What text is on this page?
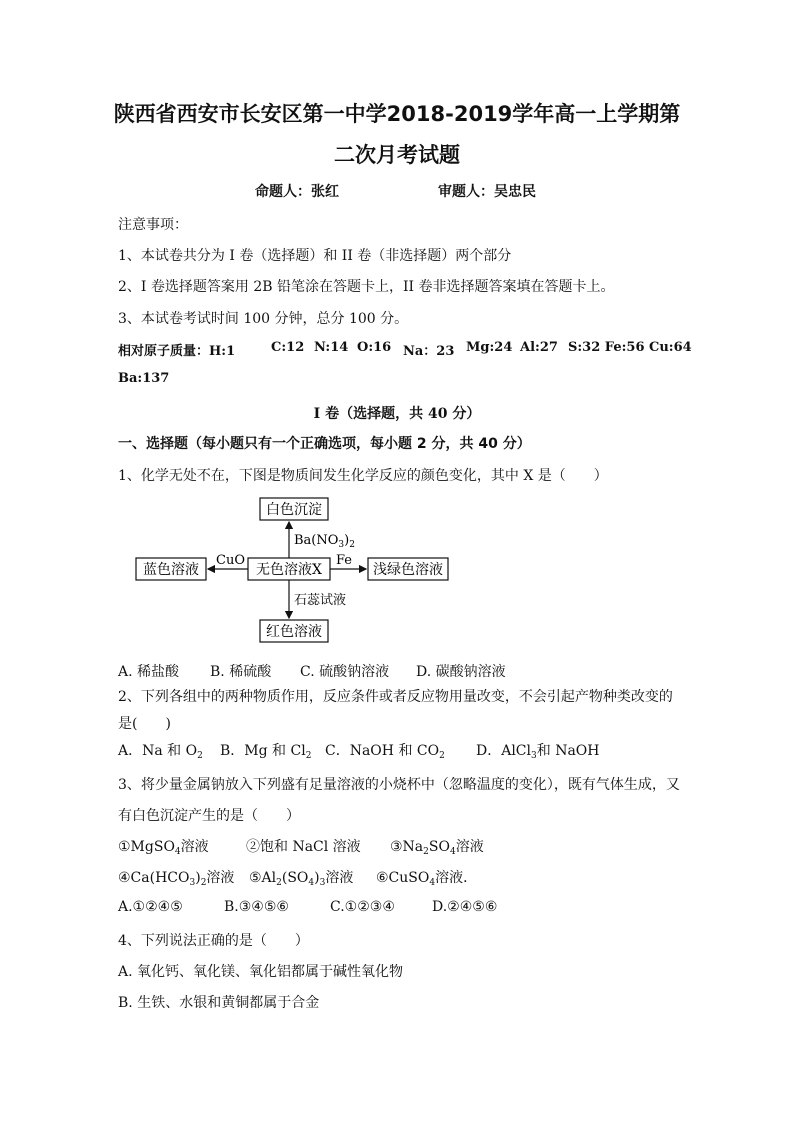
陕西省西安市长安区第一中学2018-2019学年高一上学期第
二次月考试题
命题人：张红	审题人：吴忠民
注意事项：
1、本试卷共分为 I 卷（选择题）和 II 卷（非选择题）两个部分
2、I 卷选择题答案用 2B 铅笔涂在答题卡上，II 卷非选择题答案填在答题卡上。
3、本试卷考试时间 100 分钟，总分 100 分。
相对原子质量：H:1	C:12 N:14 O:16 Na：23 Mg:24 Al:27 S:32 Fe:56 Cu:64
Ba:137
I 卷（选择题，共 40 分）
一、选择题（每小题只有一个正确选项，每小题 2 分，共 40 分）
1、化学无处不在，下图是物质间发生化学反应的颜色变化，其中 X 是（　　）
白色沉淀
无色溶液X
蓝色溶液	浅绿色溶液
红色溶液
$Ba(NO_3)_2$
CuO	Fe
石蕊试液
A. 稀盐酸 B. 稀硫酸 C. 硫酸钠溶液 D. 碳酸钠溶液
2、下列各组中的两种物质作用，反应条件或者反应物用量改变，不会引起产物种类改变的
是(　　)
A．Na 和 $O_2$ B．Mg 和 $Cl_2$ C．NaOH 和 $CO_2$ D．AlCl$_3$和 NaOH
3、将少量金属钠放入下列盛有足量溶液的小烧杯中（忽略温度的变化），既有气体生成，又
有白色沉淀产生的是（　　）
①MgSO$_4$溶液	②饱和 NaCl 溶液 $③Na_2SO_4$溶液
$④Ca(HCO_3)_2$溶液 $⑤Al_2(SO_4)_3$溶液 ⑥CuSO$_4$溶液．
A.①②④⑤	B.③④⑤⑥	C.①②③④	D.②④⑤⑥
4、下列说法正确的是（　　）
A. 氧化钙、氧化镁、氧化铝都属于碱性氧化物
B. 生铁、水银和黄铜都属于合金
